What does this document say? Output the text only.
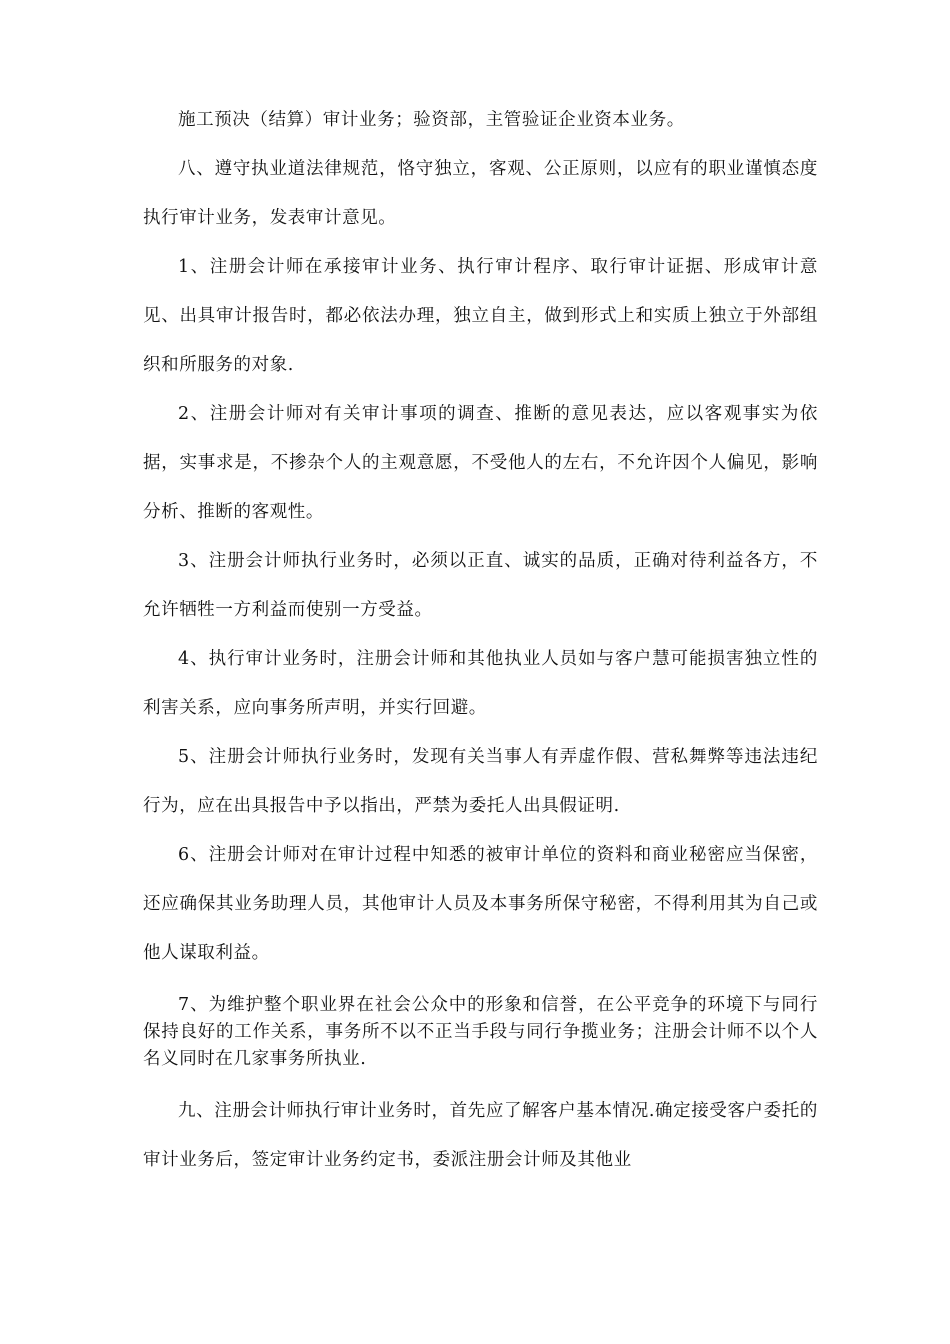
施工预决（结算）审计业务；验资部，主管验证企业资本业务。

八、遵守执业道法律规范，恪守独立，客观、公正原则，以应有的职业谨慎态度执行审计业务，发表审计意见。

1、注册会计师在承接审计业务、执行审计程序、取行审计证据、形成审计意见、出具审计报告时，都必依法办理，独立自主，做到形式上和实质上独立于外部组织和所服务的对象.

2、注册会计师对有关审计事项的调查、推断的意见表达，应以客观事实为依据，实事求是，不掺杂个人的主观意愿，不受他人的左右，不允许因个人偏见，影响分析、推断的客观性。

3、注册会计师执行业务时，必须以正直、诚实的品质，正确对待利益各方，不允许牺牲一方利益而使别一方受益。

4、执行审计业务时，注册会计师和其他执业人员如与客户慧可能损害独立性的利害关系，应向事务所声明，并实行回避。

5、注册会计师执行业务时，发现有关当事人有弄虚作假、营私舞弊等违法违纪行为，应在出具报告中予以指出，严禁为委托人出具假证明.

6、注册会计师对在审计过程中知悉的被审计单位的资料和商业秘密应当保密，还应确保其业务助理人员，其他审计人员及本事务所保守秘密，不得利用其为自己或他人谋取利益。

7、为维护整个职业界在社会公众中的形象和信誉，在公平竞争的环境下与同行保持良好的工作关系，事务所不以不正当手段与同行争揽业务；注册会计师不以个人名义同时在几家事务所执业.

九、注册会计师执行审计业务时，首先应了解客户基本情况.确定接受客户委托的审计业务后，签定审计业务约定书，委派注册会计师及其他业
